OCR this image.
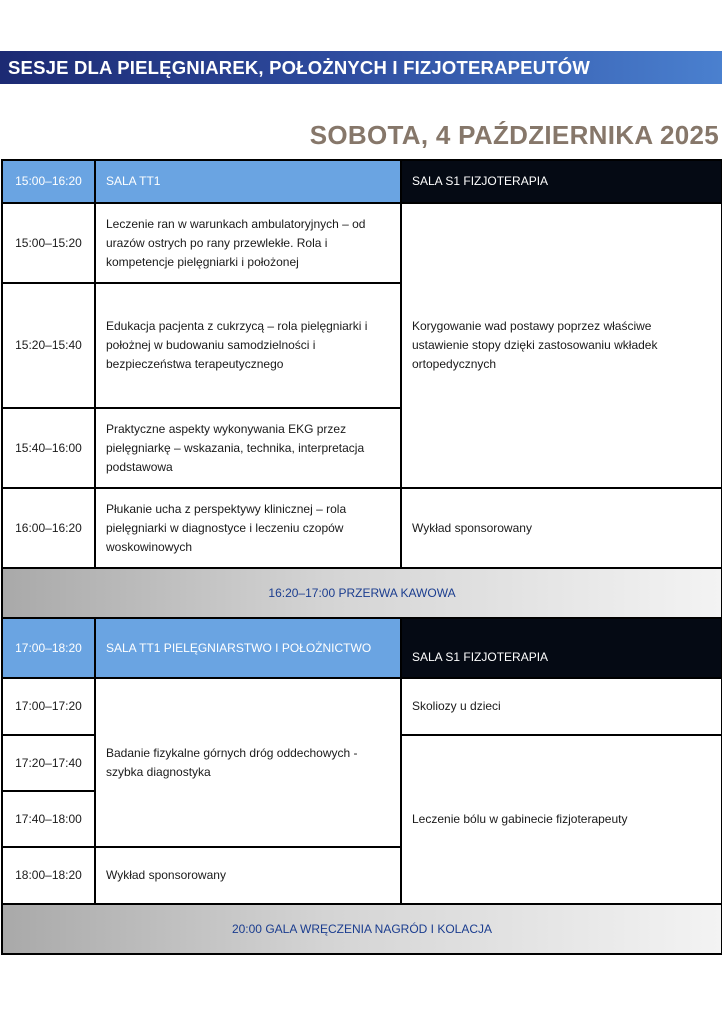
SESJE DLA PIELĘGNIAREK, POŁOŻNYCH I FIZJOTERAPEUTÓW
SOBOTA, 4 PAŹDZIERNIKA 2025
15:00–16:20	SALA TT1	SALA S1 FIZJOTERAPIA
15:00–15:20	Leczenie ran w warunkach ambulatoryjnych – od urazów ostrych po rany przewlekłe. Rola i kompetencje pielęgniarki i położonej	Korygowanie wad postawy poprzez właściwe ustawienie stopy dzięki zastosowaniu wkładek ortopedycznych
15:20–15:40	Edukacja pacjenta z cukrzycą – rola pielęgniarki i położnej w budowaniu samodzielności i bezpieczeństwa terapeutycznego	
15:40–16:00	Praktyczne aspekty wykonywania EKG przez pielęgniarkę – wskazania, technika, interpretacja podstawowa	
16:00–16:20	Płukanie ucha z perspektywy klinicznej – rola pielęgniarki w diagnostyce i leczeniu czopów woskowinowych	Wykład sponsorowany
16:20–17:00 PRZERWA KAWOWA		
17:00–18:20	SALA TT1 PIELĘGNIARSTWO I POŁOŻNICTWO	SALA S1 FIZJOTERAPIA
17:00–17:20	Badanie fizykalne górnych dróg oddechowych - szybka diagnostyka	Skoliozy u dzieci
17:20–17:40		Leczenie bólu w gabinecie fizjoterapeuty
17:40–18:00		
18:00–18:20	Wykład sponsorowany	
20:00 GALA WRĘCZENIA NAGRÓD I KOLACJA		
